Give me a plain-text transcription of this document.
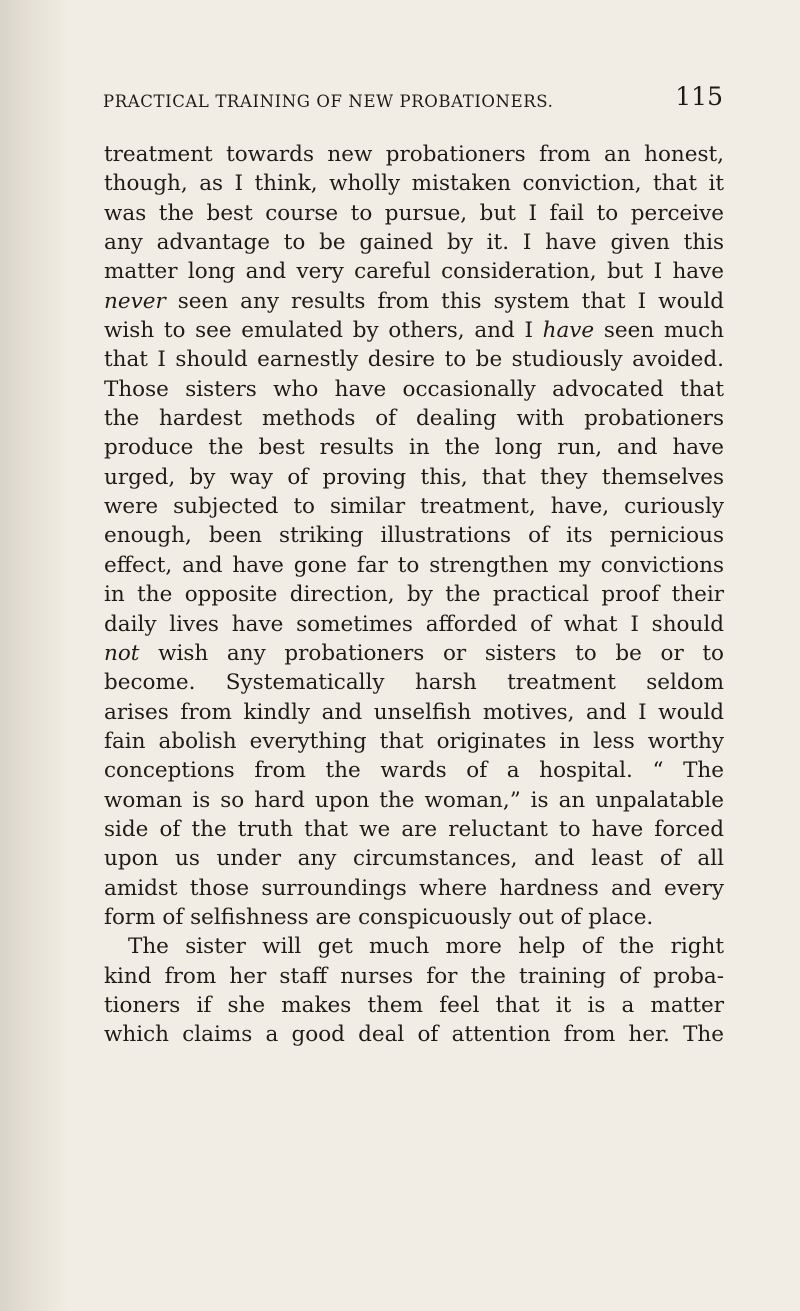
PRACTICAL TRAINING OF NEW PROBATIONERS.	115
treatment towards new probationers from an honest,
though, as I think, wholly mistaken conviction, that it
was the best course to pursue, but I fail to perceive
any advantage to be gained by it. I have given this
matter long and very careful consideration, but I have
never seen any results from this system that I would
wish to see emulated by others, and I have seen much
that I should earnestly desire to be studiously avoided.
Those sisters who have occasionally advocated that
the hardest methods of dealing with probationers
produce the best results in the long run, and have
urged, by way of proving this, that they themselves
were subjected to similar treatment, have, curiously
enough, been striking illustrations of its pernicious
effect, and have gone far to strengthen my convictions
in the opposite direction, by the practical proof their
daily lives have sometimes afforded of what I should
not wish any probationers or sisters to be or to
become. Systematically harsh treatment seldom
arises from kindly and unselfish motives, and I would
fain abolish everything that originates in less worthy
conceptions from the wards of a hospital. “ The
woman is so hard upon the woman,” is an unpalatable
side of the truth that we are reluctant to have forced
upon us under any circumstances, and least of all
amidst those surroundings where hardness and every
form of selfishness are conspicuously out of place.
The sister will get much more help of the right
kind from her staff nurses for the training of proba-
tioners if she makes them feel that it is a matter
which claims a good deal of attention from her. The
